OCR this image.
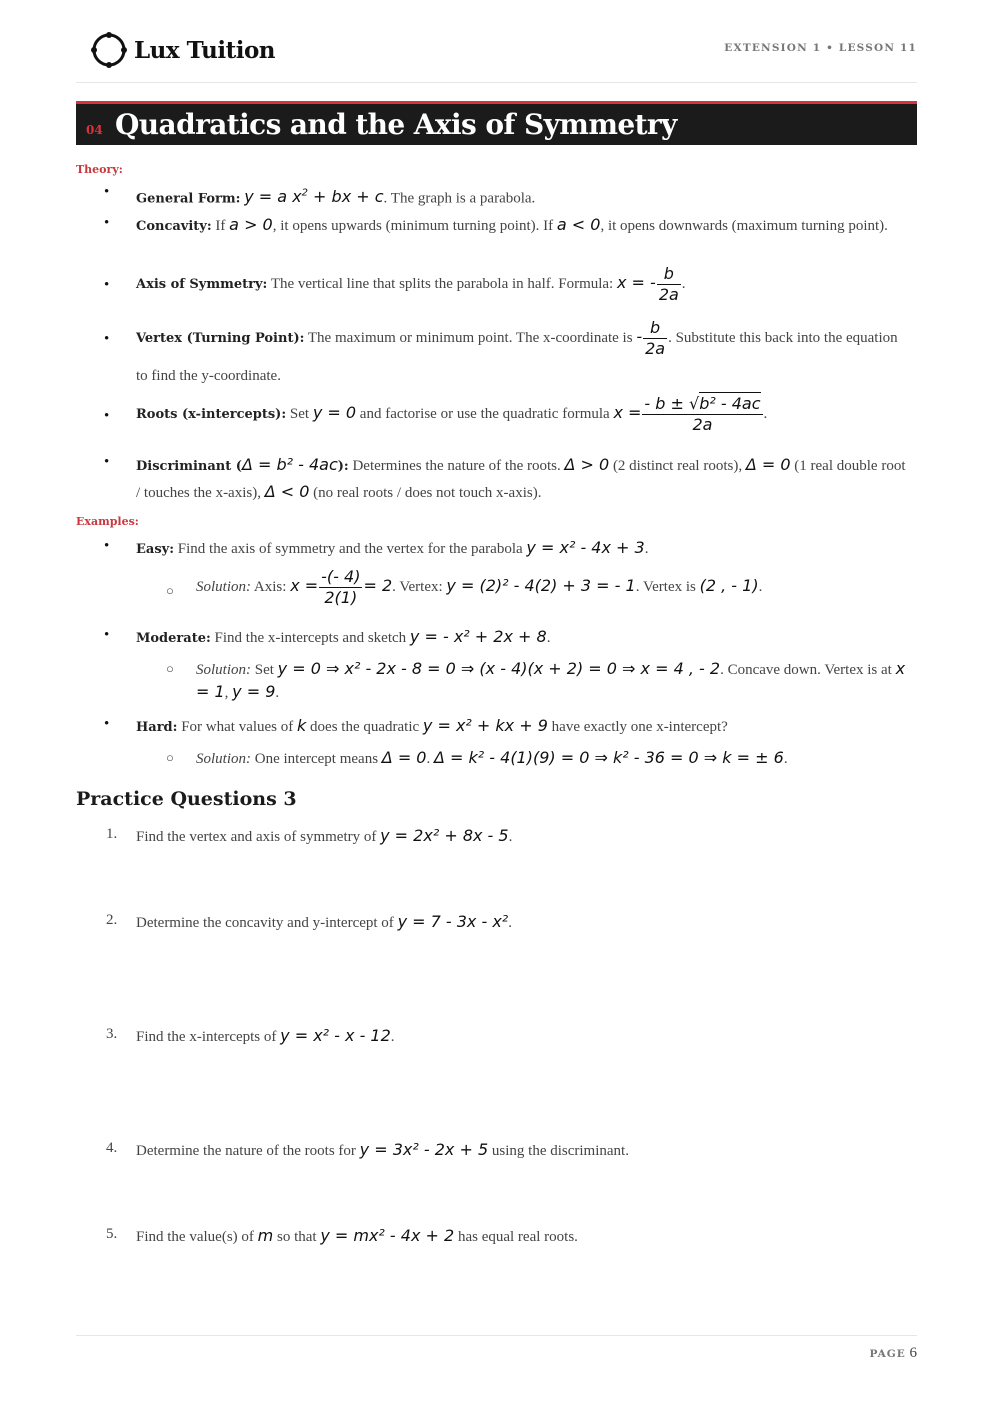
Lux Tuition	EXTENSION 1 • LESSON 11
04 Quadratics and the Axis of Symmetry
Theory:
• General Form: y = a $x^2$ + bx + c. The graph is a parabola.
• Concavity: If a > 0, it opens upwards (minimum turning point). If a < 0, it opens downwards (maximum turning point).
• Axis of Symmetry: The vertical line that splits the parabola in half. Formula: x = - $\frac{b}{2a}$ .
• Vertex (Turning Point): The maximum or minimum point. The x-coordinate is - $\frac{b}{2a}$ . Substitute this back into the equation to find the y-coordinate.
• Roots (x-intercepts): Set y = 0 and factorise or use the quadratic formula $x = \frac{\text{- b ± √b² - 4ac}}{2a}$ .
• Discriminant (Δ = b² - 4ac): Determines the nature of the roots. Δ > 0 (2 distinct real roots), Δ = 0 (1 real double root / touches the x-axis), Δ < 0 (no real roots / does not touch x-axis).
Examples:
• Easy: Find the axis of symmetry and the vertex for the parabola y = x² - 4x + 3.
○ Solution: Axis: $x = \frac{-(- 4)}{2(1)} = 2$. Vertex: y = (2)² - 4(2) + 3 = - 1. Vertex is (2 , - 1).
• Moderate: Find the x-intercepts and sketch y = - x² + 2x + 8.
○ Solution: Set y = 0 ⇒ x² - 2x - 8 = 0 ⇒ (x - 4)(x + 2) = 0 ⇒ x = 4 , - 2. Concave down. Vertex is at x = 1, y = 9.
• Hard: For what values of k does the quadratic y = x² + kx + 9 have exactly one x-intercept?
○ Solution: One intercept means Δ = 0. Δ = k² - 4(1)(9) = 0 ⇒ k² - 36 = 0 ⇒ k = ± 6.
Practice Questions 3
1. Find the vertex and axis of symmetry of y = 2x² + 8x - 5.
2. Determine the concavity and y-intercept of y = 7 - 3x - x².
3. Find the x-intercepts of y = x² - x - 12.
4. Determine the nature of the roots for y = 3x² - 2x + 5 using the discriminant.
5. Find the value(s) of m so that y = mx² - 4x + 2 has equal real roots.
PAGE 6
